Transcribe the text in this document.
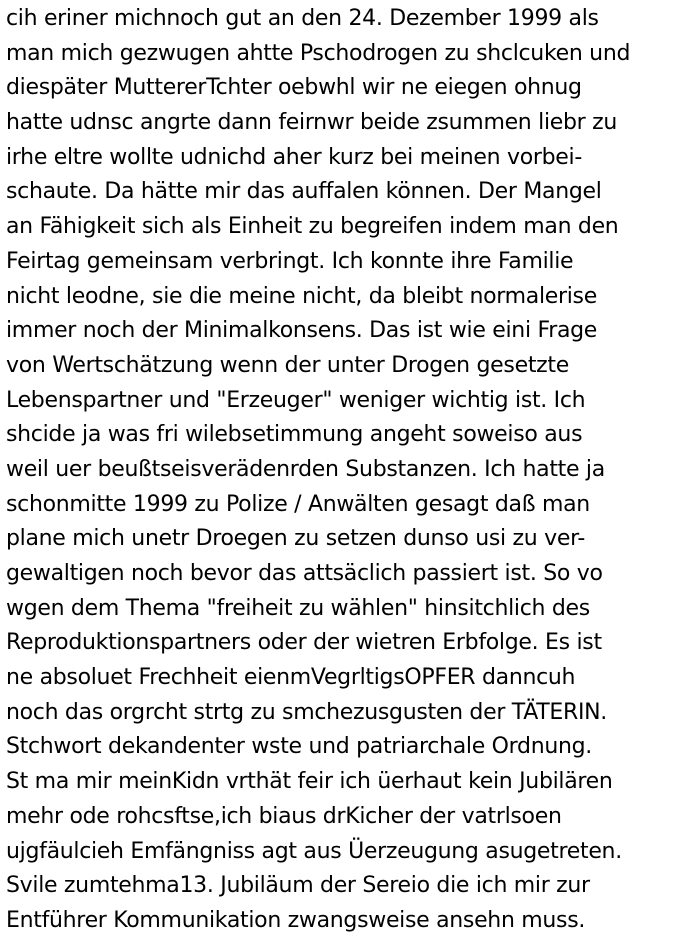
cih eriner michnoch gut an den 24. Dezember 1999 als
man mich gezwugen ahtte Pschodrogen zu shclcuken und
diespäter MuttererTchter oebwhl wir ne eiegen ohnug
hatte udnsc angrte dann feirnwr beide zsummen liebr zu
irhe eltre wollte udnichd aher kurz bei meinen vorbei-
schaute. Da hätte mir das auffalen können. Der Mangel
an Fähigkeit sich als Einheit zu begreifen indem man den
Feirtag gemeinsam verbringt. Ich konnte ihre Familie
nicht leodne, sie die meine nicht, da bleibt normalerise
immer noch der Minimalkonsens. Das ist wie eini Frage
von Wertschätzung wenn der unter Drogen gesetzte
Lebenspartner und "Erzeuger" weniger wichtig ist. Ich
shcide ja was fri wilebsetimmung angeht soweiso aus
weil uer beußtseisverädenrden Substanzen. Ich hatte ja
schonmitte 1999 zu Polize / Anwälten gesagt daß man
plane mich unetr Droegen zu setzen dunso usi zu ver-
gewaltigen noch bevor das attsäclich passiert ist. So vo
wgen dem Thema "freiheit zu wählen" hinsitchlich des
Reproduktionspartners oder der wietren Erbfolge. Es ist
ne absoluet Frechheit eienmVegrltigsOPFER danncuh
noch das orgrcht strtg zu smchezusgusten der TÄTERIN.
Stchwort dekandenter wste und patriarchale Ordnung.
St ma mir meinKidn vrthät feir ich üerhaut kein Jubilären
mehr ode rohcsftse,ich biaus drKicher der vatrlsoen
ujgfäulcieh Emfängniss agt aus Üerzeugung asugetreten.
Svile zumtehma13. Jubiläum der Sereio die ich mir zur
Entführer Kommunikation zwangsweise ansehn muss.
